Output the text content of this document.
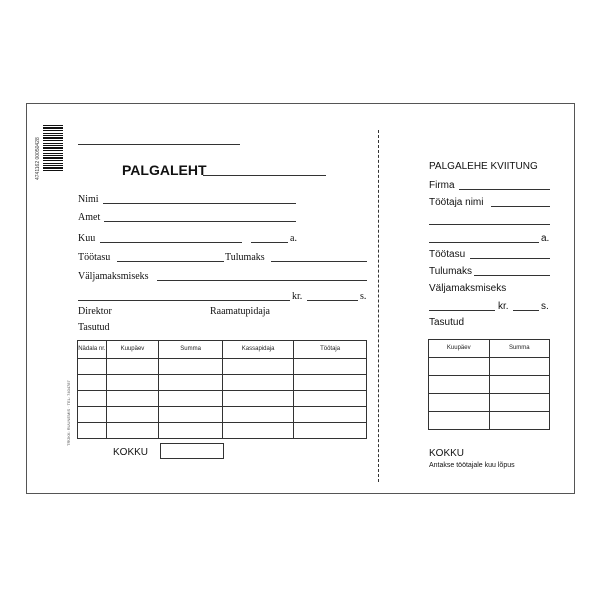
4741162 00050428	PALGALEHT
Nimi
Amet
Kuu	a.
Töötasu	Tulumaks
Väljamaksmiseks
kr.	s.
Direktor	Raamatupidaja
Tasutud
Nädala nr.	Kuupäev	Summa	Kassapidaja	Töötaja

TRÜKK: RUUNEMIS · TEL: 7404787
KOKKU
PALGALEHE KVIITUNG
Firma
Töötaja nimi
a.
Töötasu
Tulumaks
Väljamaksmiseks
kr.	s.
Tasutud
Kuupäev	Summa

KOKKU
Antakse töötajale kuu lõpus
